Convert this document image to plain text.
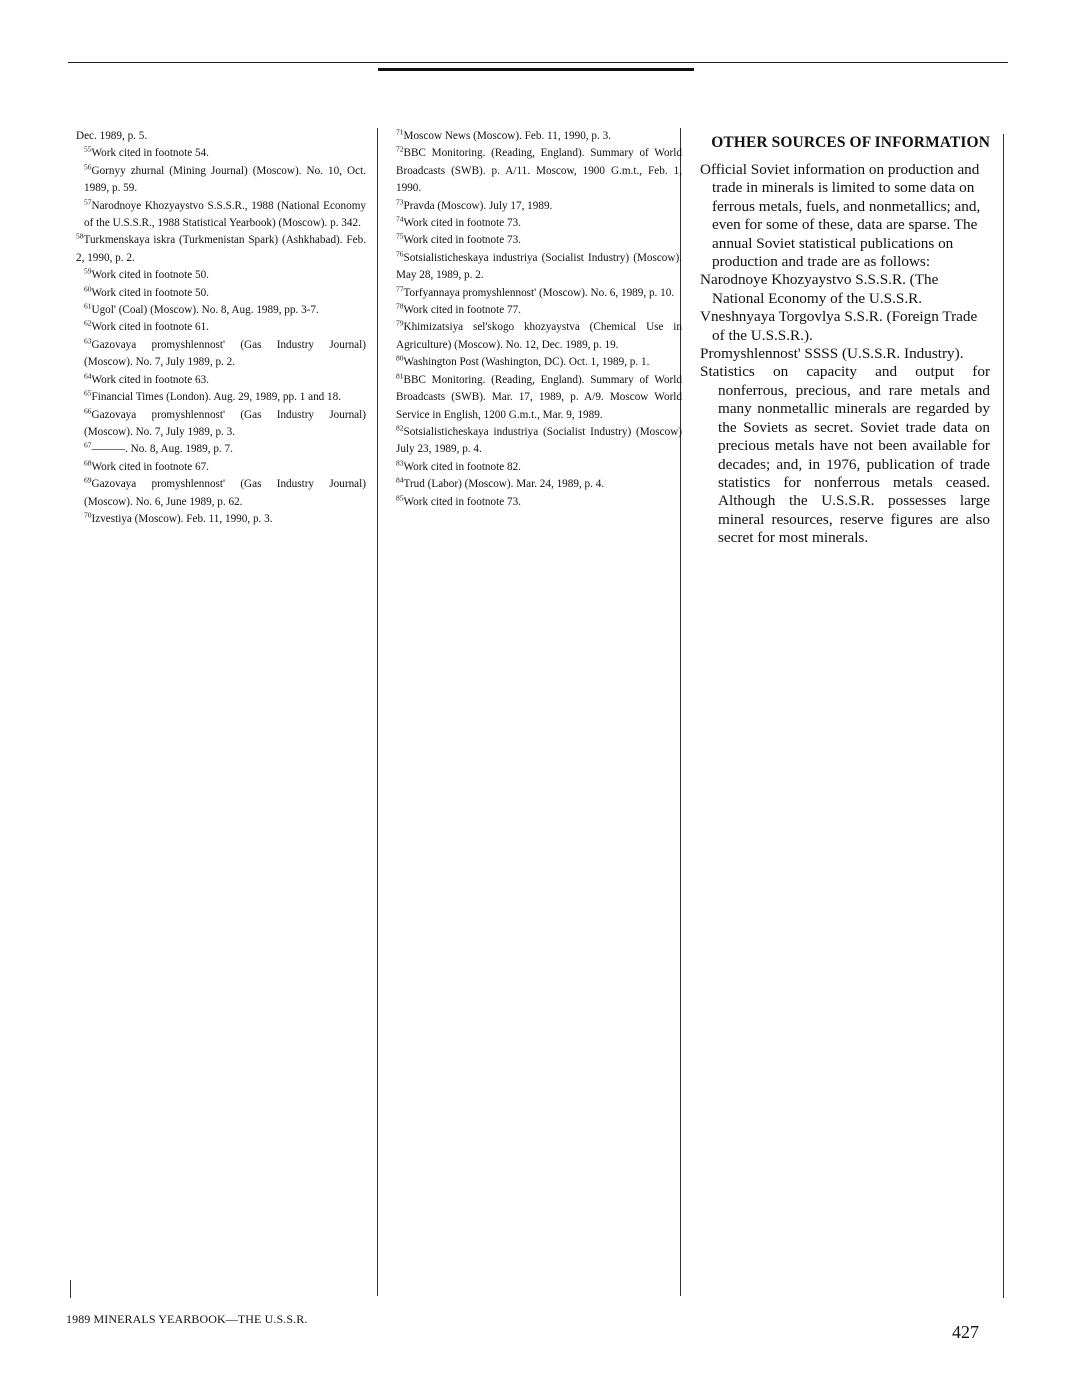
Dec. 1989, p. 5.

$^{55}$Work cited in footnote 54.

$^{56}$Gornyy zhurnal (Mining Journal) (Moscow). No. 10, Oct. 1989, p. 59.

$^{57}$Narodnoye Khozyaystvo S.S.S.R., 1988 (National Economy of the U.S.S.R., 1988 Statistical Yearbook) (Moscow). p. 342.

$^{58}$Turkmenskaya iskra (Turkmenistan Spark) (Ashkhabad). Feb. 2, 1990, p. 2.

$^{59}$Work cited in footnote 50.

$^{60}$Work cited in footnote 50.

$^{61}$Ugol' (Coal) (Moscow). No. 8, Aug. 1989, pp. 3-7.

$^{62}$Work cited in footnote 61.

$^{63}$Gazovaya promyshlennost' (Gas Industry Journal) (Moscow). No. 7, July 1989, p. 2.

$^{64}$Work cited in footnote 63.

$^{65}$Financial Times (London). Aug. 29, 1989, pp. 1 and 18.

$^{66}$Gazovaya promyshlennost' (Gas Industry Journal) (Moscow). No. 7, July 1989, p. 3.

$^{67}$———. No. 8, Aug. 1989, p. 7.

$^{68}$Work cited in footnote 67.

$^{69}$Gazovaya promyshlennost' (Gas Industry Journal) (Moscow). No. 6, June 1989, p. 62.

$^{70}$Izvestiya (Moscow). Feb. 11, 1990, p. 3.

$^{71}$Moscow News (Moscow). Feb. 11, 1990, p. 3.

$^{72}$BBC Monitoring. (Reading, England). Summary of World Broadcasts (SWB). p. A/11. Moscow, 1900 G.m.t., Feb. 1, 1990.

$^{73}$Pravda (Moscow). July 17, 1989.

$^{74}$Work cited in footnote 73.

$^{75}$Work cited in footnote 73.

$^{76}$Sotsialisticheskaya industriya (Socialist Industry) (Moscow). May 28, 1989, p. 2.

$^{77}$Torfyannaya promyshlennost' (Moscow). No. 6, 1989, p. 10.

$^{78}$Work cited in footnote 77.

$^{79}$Khimizatsiya sel'skogo khozyaystva (Chemical Use in Agriculture) (Moscow). No. 12, Dec. 1989, p. 19.

$^{80}$Washington Post (Washington, DC). Oct. 1, 1989, p. 1.

$^{81}$BBC Monitoring. (Reading, England). Summary of World Broadcasts (SWB). Mar. 17, 1989, p. A/9. Moscow World Service in English, 1200 G.m.t., Mar. 9, 1989.

$^{82}$Sotsialisticheskaya industriya (Socialist Industry) (Moscow) July 23, 1989, p. 4.

$^{83}$Work cited in footnote 82.

$^{84}$Trud (Labor) (Moscow). Mar. 24, 1989, p. 4.

$^{85}$Work cited in footnote 73.

OTHER SOURCES OF INFORMATION

Official Soviet information on production and trade in minerals is limited to some data on ferrous metals, fuels, and nonmetallics; and, even for some of these, data are sparse. The annual Soviet statistical publications on production and trade are as follows:

Narodnoye Khozyaystvo S.S.S.R. (The National Economy of the U.S.S.R.

Vneshnyaya Torgovlya S.S.R. (Foreign Trade of the U.S.S.R.).

Promyshlennost' SSSS (U.S.S.R. Industry).

Statistics on capacity and output for nonferrous, precious, and rare metals and many nonmetallic minerals are regarded by the Soviets as secret. Soviet trade data on precious metals have not been available for decades; and, in 1976, publication of trade statistics for nonferrous metals ceased. Although the U.S.S.R. possesses large mineral resources, reserve figures are also secret for most minerals.

1989 MINERALS YEARBOOK—THE U.S.S.R.
427
